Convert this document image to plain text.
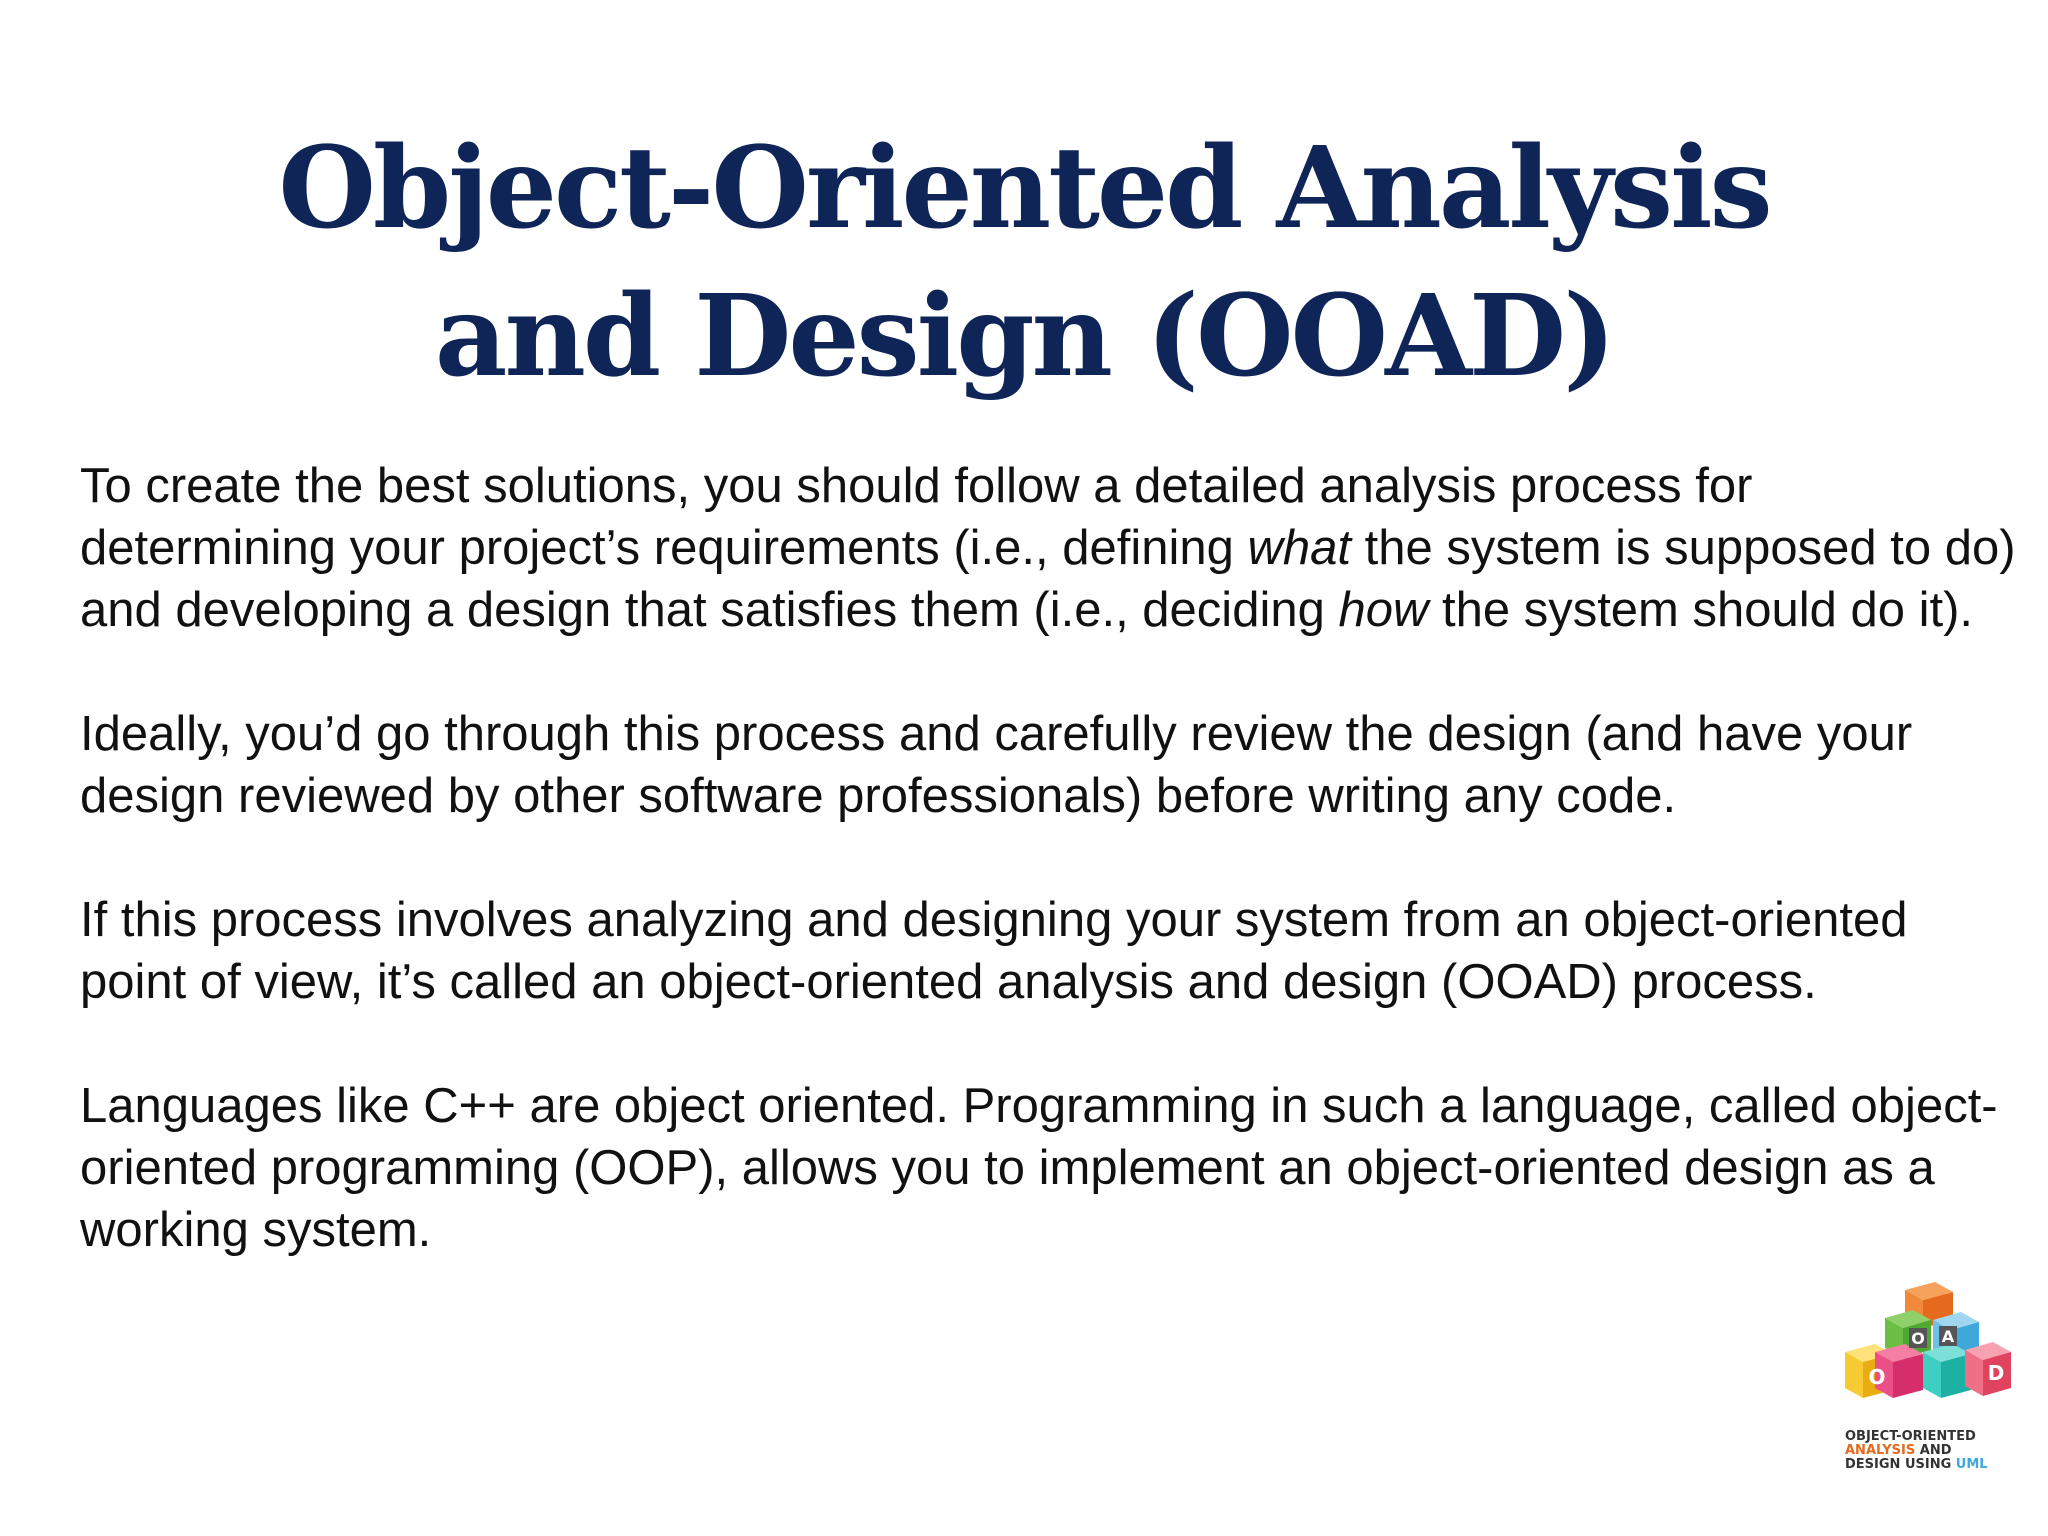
Object-Oriented Analysis
and Design (OOAD)

To create the best solutions, you should follow a detailed analysis process for determining your project’s requirements (i.e., defining what the system is supposed to do) and developing a design that satisfies them (i.e., deciding how the system should do it).

Ideally, you’d go through this process and carefully review the design (and have your design reviewed by other software professionals) before writing any code.

If this process involves analyzing and designing your system from an object-oriented point of view, it’s called an object-oriented analysis and design (OOAD) process.

Languages like C++ are object oriented. Programming in such a language, called object-oriented programming (OOP), allows you to implement an object-oriented design as a working system.

O A
O	D
OBJECT-ORIENTED
ANALYSIS AND
DESIGN USING UML
